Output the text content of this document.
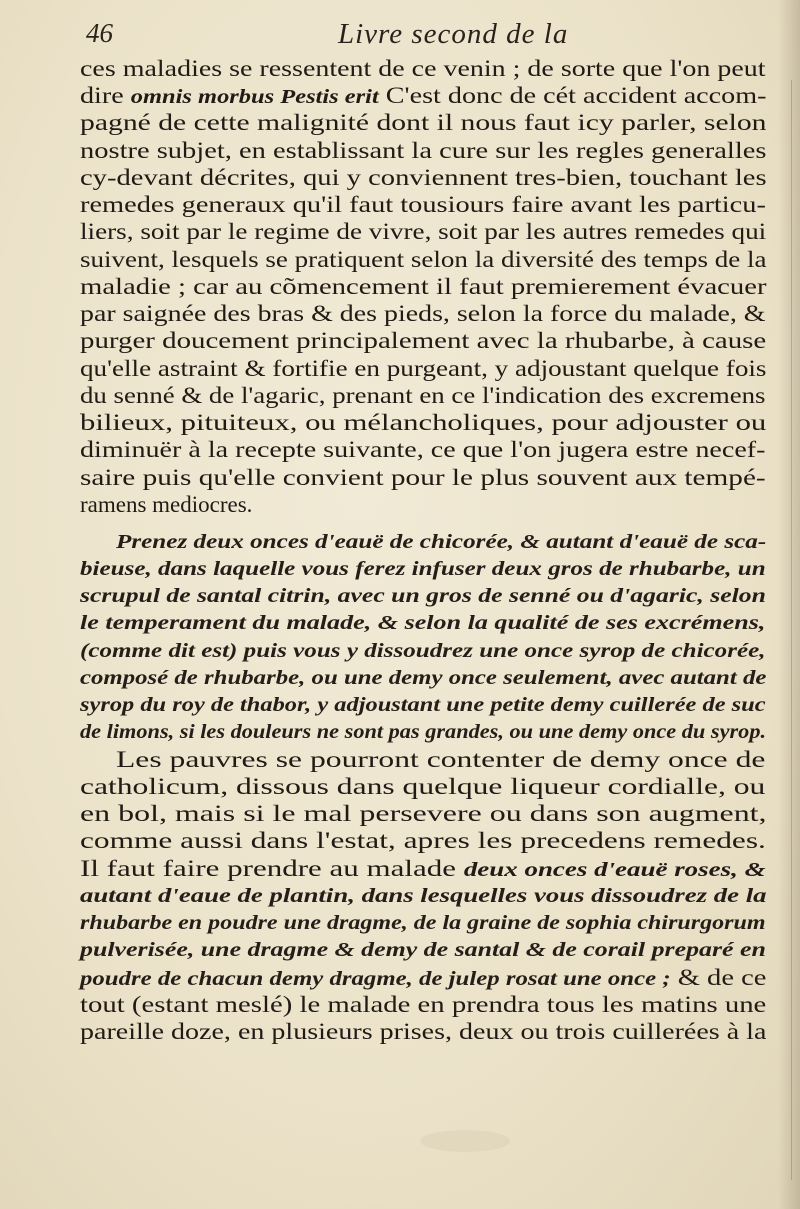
46	Livre second de la
ces maladies se ressentent de ce venin ; de sorte que l'on peut
dire omnis morbus Pestis erit C'est donc de cét accident accom-
pagné de cette malignité dont il nous faut icy parler, selon
nostre subjet, en establissant la cure sur les regles generalles
cy-devant décrites, qui y conviennent tres-bien, touchant les
remedes generaux qu'il faut tousiours faire avant les particu-
liers, soit par le regime de vivre, soit par les autres remedes qui
suivent, lesquels se pratiquent selon la diversité des temps de la
maladie ; car au cõmencement il faut premierement évacuer
par saignée des bras & des pieds, selon la force du malade, &
purger doucement principalement avec la rhubarbe, à cause
qu'elle astraint & fortifie en purgeant, y adjoustant quelque fois
du senné & de l'agaric, prenant en ce l'indication des excremens
bilieux, pituiteux, ou mélancholiques, pour adjouster ou
diminuër à la recepte suivante, ce que l'on jugera estre necef-
saire puis qu'elle convient pour le plus souvent aux tempé-
ramens mediocres.
Prenez deux onces d'eauë de chicorée, & autant d'eauë de sca-
bieuse, dans laquelle vous ferez infuser deux gros de rhubarbe, un
scrupul de santal citrin, avec un gros de senné ou d'agaric, selon
le temperament du malade, & selon la qualité de ses excrémens,
(comme dit est) puis vous y dissoudrez une once syrop de chicorée,
composé de rhubarbe, ou une demy once seulement, avec autant de
syrop du roy de thabor, y adjoustant une petite demy cuillerée de suc
de limons, si les douleurs ne sont pas grandes, ou une demy once du syrop.
Les pauvres se pourront contenter de demy once de
catholicum, dissous dans quelque liqueur cordialle, ou
en bol, mais si le mal persevere ou dans son augment,
comme aussi dans l'estat, apres les precedens remedes.
Il faut faire prendre au malade deux onces d'eauë roses, &
autant d'eaue de plantin, dans lesquelles vous dissoudrez de la
rhubarbe en poudre une dragme, de la graine de sophia chirurgorum
pulverisée, une dragme & demy de santal & de corail preparé en
poudre de chacun demy dragme, de julep rosat une once ; & de ce
tout (estant meslé) le malade en prendra tous les matins une
pareille doze, en plusieurs prises, deux ou trois cuillerées à la
